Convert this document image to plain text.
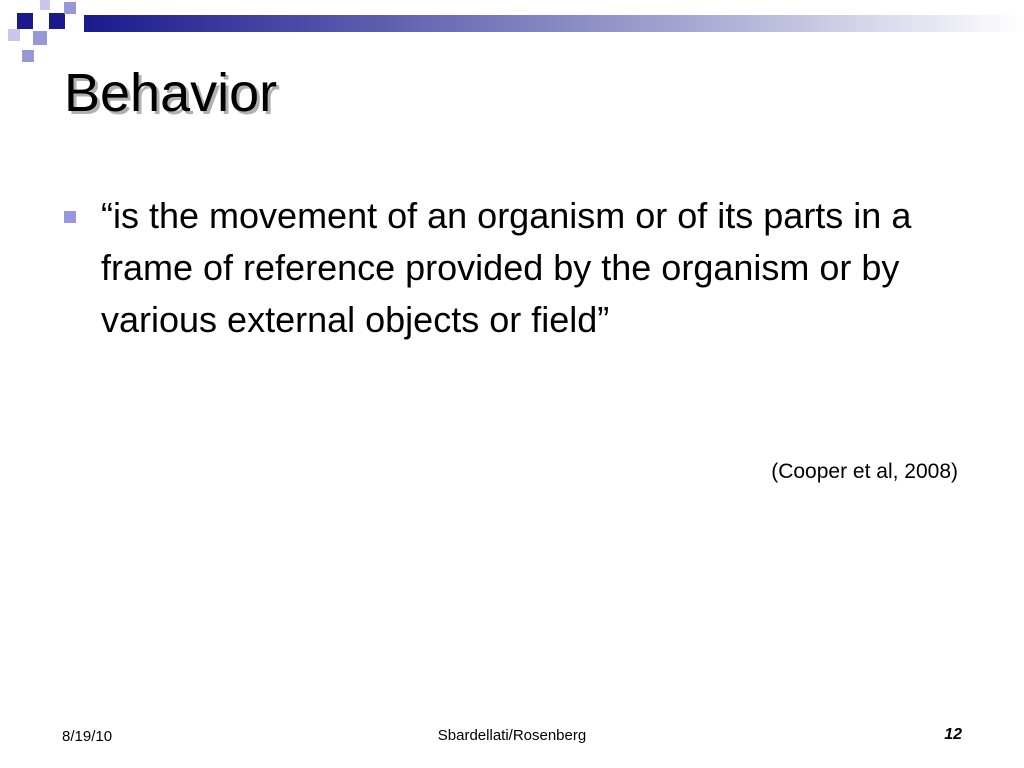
Behavior
“is the movement of an organism or of its parts in a frame of reference provided by the organism or by various external objects or field”
(Cooper et al, 2008)
8/19/10	Sbardellati/Rosenberg	12
